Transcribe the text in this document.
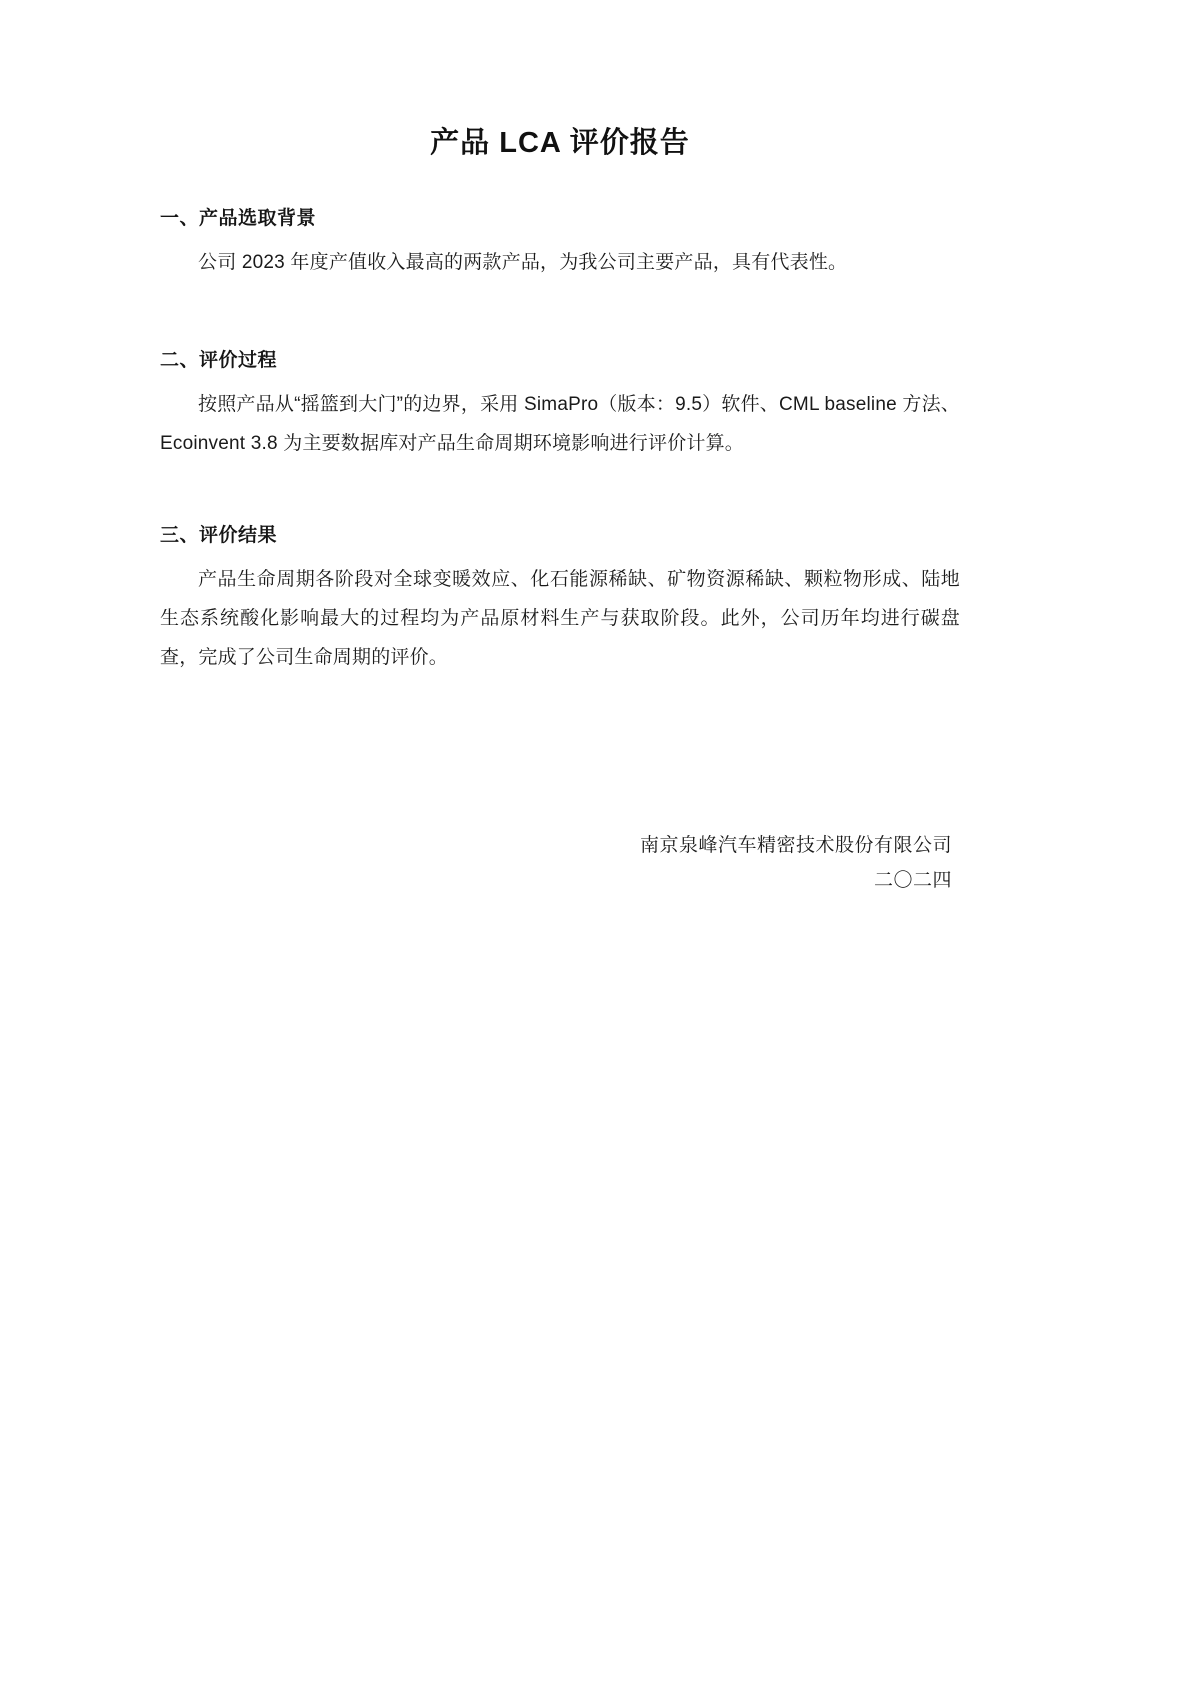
产品 LCA 评价报告
一、产品选取背景

公司 2023 年度产值收入最高的两款产品，为我公司主要产品，具有代表性。

二、评价过程

按照产品从“摇篮到大门”的边界，采用 SimaPro（版本：9.5）软件、CML baseline 方法、Ecoinvent 3.8 为主要数据库对产品生命周期环境影响进行评价计算。

三、评价结果

产品生命周期各阶段对全球变暖效应、化石能源稀缺、矿物资源稀缺、颗粒物形成、陆地生态系统酸化影响最大的过程均为产品原材料生产与获取阶段。此外，公司历年均进行碳盘查，完成了公司生命周期的评价。

南京泉峰汽车精密技术股份有限公司
二〇二四
